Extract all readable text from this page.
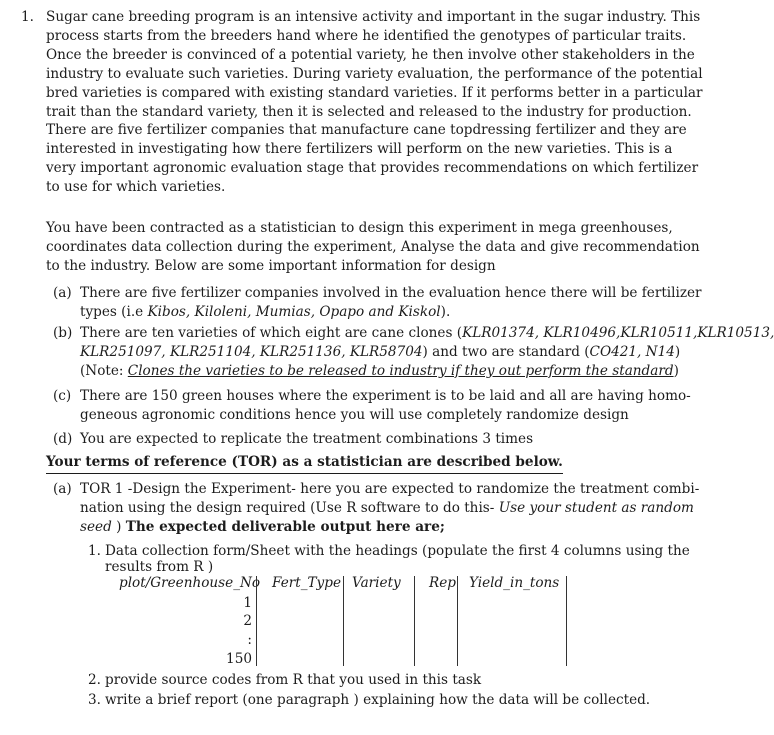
1. Sugar cane breeding program is an intensive activity and important in the sugar industry. This
process starts from the breeders hand where he identified the genotypes of particular traits.
Once the breeder is convinced of a potential variety, he then involve other stakeholders in the
industry to evaluate such varieties. During variety evaluation, the performance of the potential
bred varieties is compared with existing standard varieties. If it performs better in a particular
trait than the standard variety, then it is selected and released to the industry for production.
There are five fertilizer companies that manufacture cane topdressing fertilizer and they are
interested in investigating how there fertilizers will perform on the new varieties. This is a
very important agronomic evaluation stage that provides recommendations on which fertilizer
to use for which varieties.
You have been contracted as a statistician to design this experiment in mega greenhouses,
coordinates data collection during the experiment, Analyse the data and give recommendation
to the industry. Below are some important information for design
(a) There are five fertilizer companies involved in the evaluation hence there will be fertilizer
types (i.e Kibos, Kiloleni, Mumias, Opapo and Kiskol).
(b) There are ten varieties of which eight are cane clones (KLR01374, KLR10496,KLR10511,KLR10513,
KLR251097, KLR251104, KLR251136, KLR58704) and two are standard (CO421, N14)
(Note: Clones the varieties to be released to industry if they out perform the standard)
(c) There are 150 green houses where the experiment is to be laid and all are having homo-
geneous agronomic conditions hence you will use completely randomize design
(d) You are expected to replicate the treatment combinations 3 times
Your terms of reference (TOR) as a statistician are described below.
(a) TOR 1 -Design the Experiment- here you are expected to randomize the treatment combi-
nation using the design required (Use R software to do this- Use your student as random
seed ) The expected deliverable output here are;
1. Data collection form/Sheet with the headings (populate the first 4 columns using the
results from R )
plot/Greenhouse_No Fert_Type Variety Rep Yield_in_tons
1
2
:
150
2. provide source codes from R that you used in this task
3. write a brief report (one paragraph ) explaining how the data will be collected.
